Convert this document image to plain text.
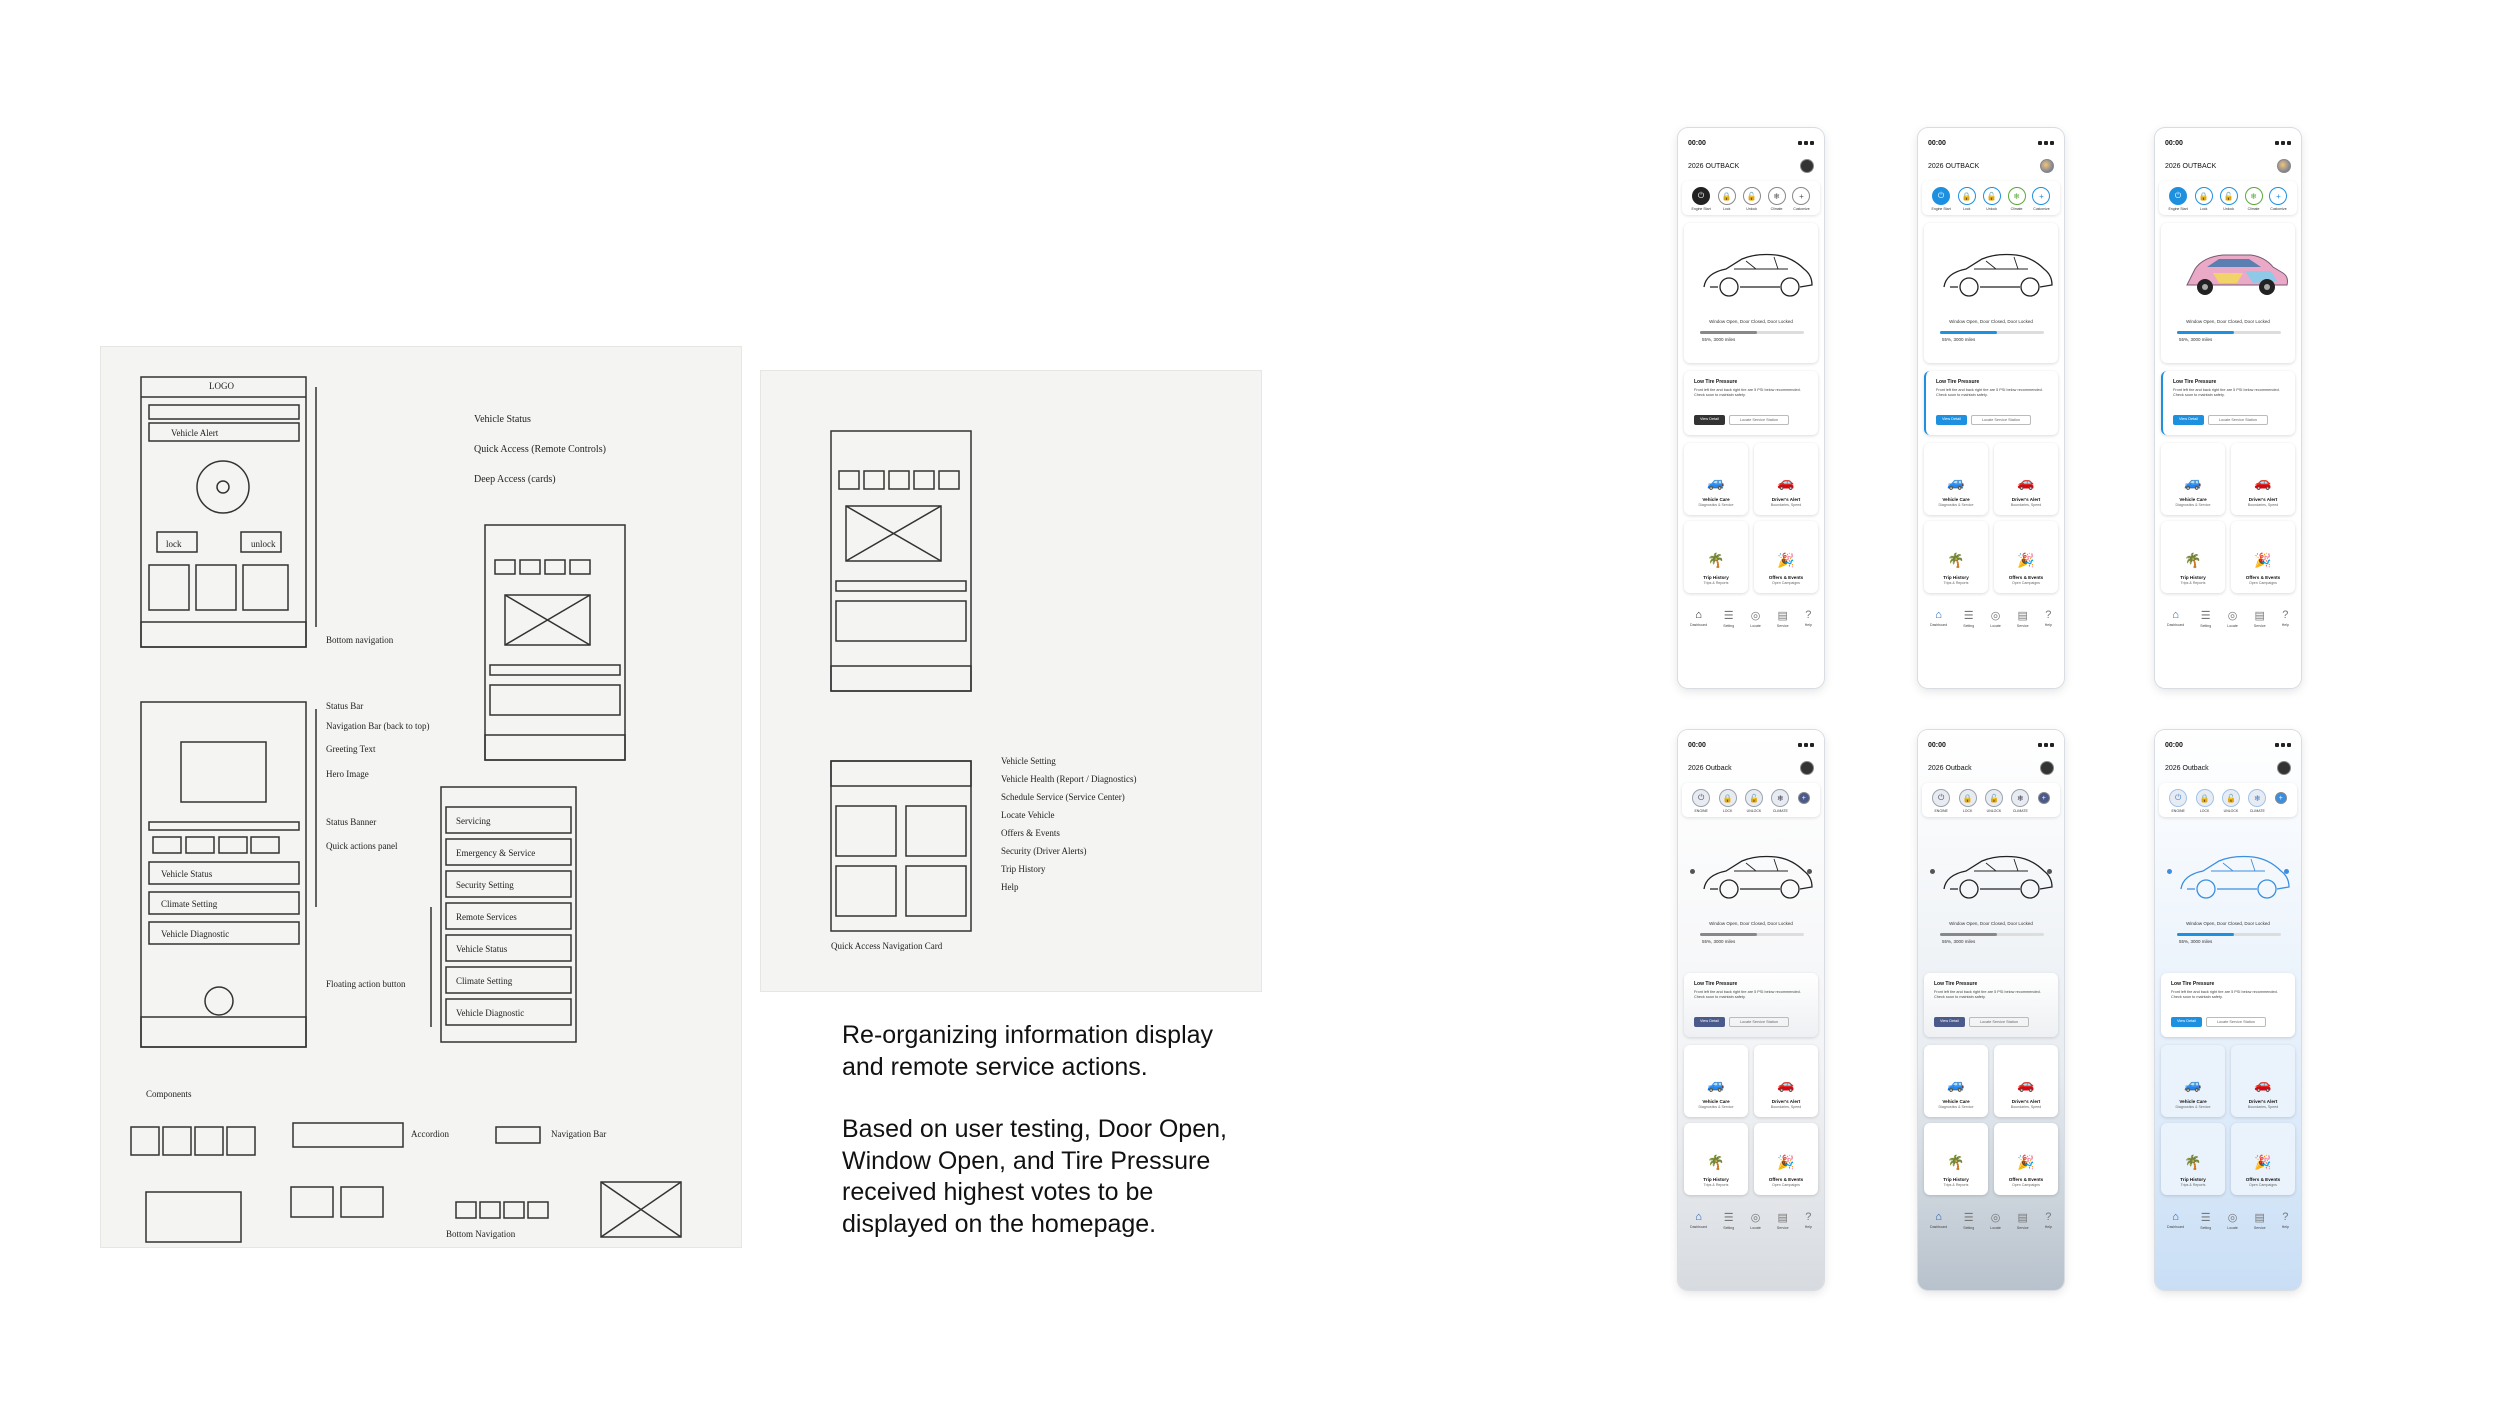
LOGO
Vehicle Alert
lock	unlock
Bottom navigation
Status Bar
Navigation Bar (back to top)
Greeting Text
Hero Image
Status Banner
Quick actions panel
Vehicle Status
Climate Setting
Vehicle Diagnostic
Floating action button
Servicing
Emergency & Service
Security Setting
Remote Services
Vehicle Status
Climate Setting
Vehicle Diagnostic
Components
Accordion	Navigation Bar
Bottom Navigation
Vehicle Status
Quick Access (Remote Controls)
Deep Access (cards)
Vehicle Setting
Vehicle Health (Report / Diagnostics)
Schedule Service (Service Center)
Locate Vehicle
Offers & Events
Security (Driver Alerts)
Trip History
Help
Quick Access Navigation Card

Re-organizing information display
and remote service actions.

Based on user testing, Door Open,
Window Open, and Tire Pressure
received highest votes to be
displayed on the homepage.

00:00
2026 OUTBACK
⏻
Engine Start
🔒
Lock
🔓
Unlock
❄
Climate
+
Customize
Window Open, Door Closed, Door Locked
55%, 3000 miles
Low Tire Pressure
Front left tire and back right tire are 5 PSI below recommended. Check soon to maintain safety.
View Detail	Locate Service Station
🚙
Vehicle Care
Diagnostics & Service
🚗
Driver's Alert
Boundaries, Speed
🌴
Trip History
Trips & Reports
🎉
Offers & Events
Open Campaigns
⌂
Dashboard
☰
Setting
◎
Locate
▤
Service
?
Help
00:00
2026 OUTBACK
⏻
Engine Start
🔒
Lock
🔓
Unlock
❄
Climate
+
Customize
Window Open, Door Closed, Door Locked
55%, 3000 miles
Low Tire Pressure
Front left tire and back right tire are 5 PSI below recommended. Check soon to maintain safety.
View Detail	Locate Service Station
🚙
Vehicle Care
Diagnostics & Service
🚗
Driver's Alert
Boundaries, Speed
🌴
Trip History
Trips & Reports
🎉
Offers & Events
Open Campaigns
⌂
Dashboard
☰
Setting
◎
Locate
▤
Service
?
Help
00:00
2026 OUTBACK
⏻
Engine Start
🔒
Lock
🔓
Unlock
❄
Climate
+
Customize
Window Open, Door Closed, Door Locked
55%, 3000 miles
Low Tire Pressure
Front left tire and back right tire are 5 PSI below recommended. Check soon to maintain safety.
View Detail	Locate Service Station
🚙
Vehicle Care
Diagnostics & Service
🚗
Driver's Alert
Boundaries, Speed
🌴
Trip History
Trips & Reports
🎉
Offers & Events
Open Campaigns
⌂
Dashboard
☰
Setting
◎
Locate
▤
Service
?
Help
00:00
2026 Outback
⏻
ENGINE
🔒
LOCK
🔓
UNLOCK
❄
CLIMATE
+
Window Open, Door Closed, Door Locked
55%, 3000 miles
Low Tire Pressure
Front left tire and back right tire are 5 PSI below recommended. Check soon to maintain safety.
View Detail	Locate Service Station
🚙
Vehicle Care
Diagnostics & Service
🚗
Driver's Alert
Boundaries, Speed
🌴
Trip History
Trips & Reports
🎉
Offers & Events
Open Campaigns
⌂
Dashboard
☰
Setting
◎
Locate
▤
Service
?
Help
00:00
2026 Outback
⏻
ENGINE
🔒
LOCK
🔓
UNLOCK
❄
CLIMATE
+
Window Open, Door Closed, Door Locked
55%, 3000 miles
Low Tire Pressure
Front left tire and back right tire are 5 PSI below recommended. Check soon to maintain safety.
View Detail	Locate Service Station
🚙
Vehicle Care
Diagnostics & Service
🚗
Driver's Alert
Boundaries, Speed
🌴
Trip History
Trips & Reports
🎉
Offers & Events
Open Campaigns
⌂
Dashboard
☰
Setting
◎
Locate
▤
Service
?
Help
00:00
2026 Outback
⏻
ENGINE
🔒
LOCK
🔓
UNLOCK
❄
CLIMATE
+
Window Open, Door Closed, Door Locked
55%, 3000 miles
Low Tire Pressure
Front left tire and back right tire are 5 PSI below recommended. Check soon to maintain safety.
View Detail	Locate Service Station
🚙
Vehicle Care
Diagnostics & Service
🚗
Driver's Alert
Boundaries, Speed
🌴
Trip History
Trips & Reports
🎉
Offers & Events
Open Campaigns
⌂
Dashboard
☰
Setting
◎
Locate
▤
Service
?
Help
